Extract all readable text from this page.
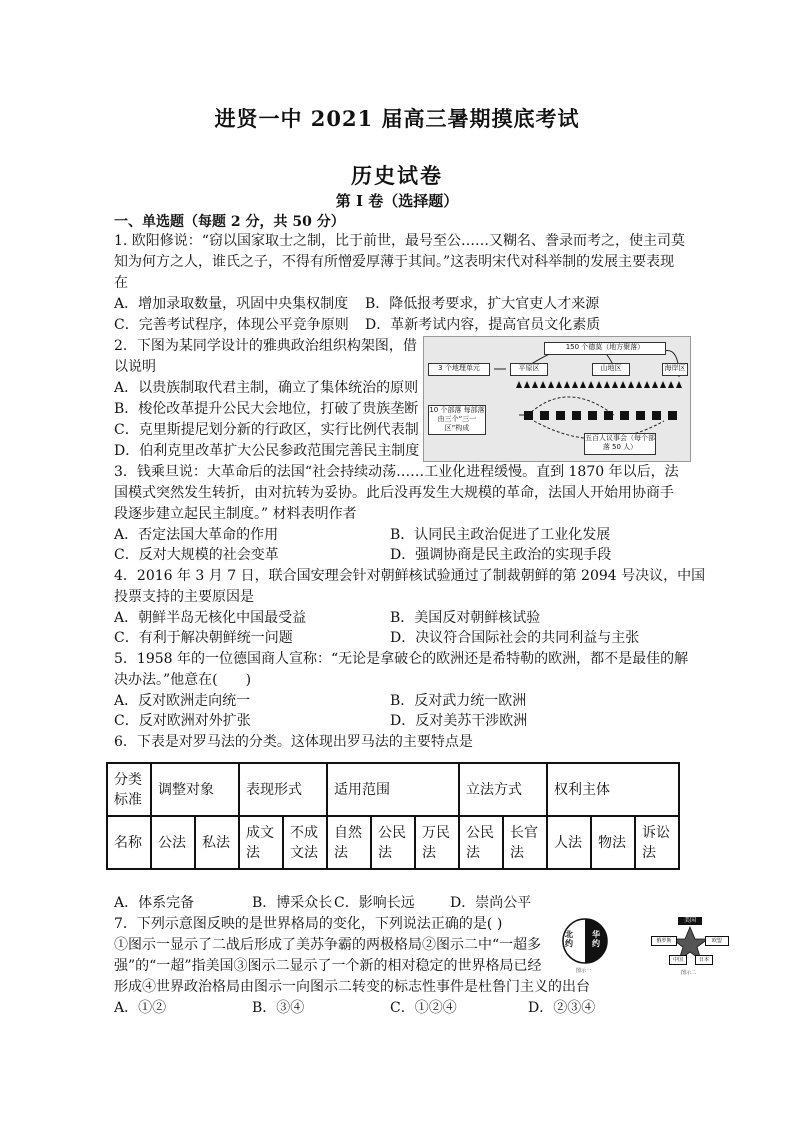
进贤一中 2021 届高三暑期摸底考试
历史试卷
第 I 卷（选择题）
一、单选题（每题 2 分，共 50 分）
1. 欧阳修说：“窃以国家取士之制，比于前世，最号至公……又糊名、誊录而考之，使主司莫
知为何方之人，谁氏之子，不得有所憎爱厚薄于其间。”这表明宋代对科举制的发展主要表现
在
A．增加录取数量，巩固中央集权制度 B．降低报考要求，扩大官吏人才来源
C．完善考试程序，体现公平竞争原则 D．革新考试内容，提高官员文化素质
2．下图为某同学设计的雅典政治组织构架图，借
以说明
A．以贵族制取代君主制，确立了集体统治的原则
B．梭伦改革提升公民大会地位，打破了贵族垄断
C．克里斯提尼划分新的行政区，实行比例代表制
D．伯利克里改革扩大公民参政范围完善民主制度
150 个德莫（地方聚落）
3 个地理单元	平原区	山地区	海岸区
10 个部落 每部落由三个“三一区”构成
五百人议事会（每个部落 50 人）
3．钱乘旦说：大革命后的法国“社会持续动荡……工业化进程缓慢。直到 1870 年以后，法
国模式突然发生转折，由对抗转为妥协。此后没再发生大规模的革命，法国人开始用协商手
段逐步建立起民主制度。” 材料表明作者
A．否定法国大革命的作用	B．认同民主政治促进了工业化发展
C．反对大规模的社会变革	D．强调协商是民主政治的实现手段
4．2016 年 3 月 7 日，联合国安理会针对朝鲜核试验通过了制裁朝鲜的第 2094 号决议，中国
投票支持的主要原因是
A．朝鲜半岛无核化中国最受益	B．美国反对朝鲜核试验
C．有利于解决朝鲜统一问题	D．决议符合国际社会的共同利益与主张
5．1958 年的一位德国商人宣称：“无论是拿破仑的欧洲还是希特勒的欧洲，都不是最佳的解
决办法。”他意在(　　)
A．反对欧洲走向统一	B．反对武力统一欧洲
C．反对欧洲对外扩张	D．反对美苏干涉欧洲
6．下表是对罗马法的分类。这体现出罗马法的主要特点是
分类标准	调整对象		表现形式		适用范围			立法方式		权利主体		
名称	公法	私法	成文法	不成文法	自然法	公民法	万民法	公民法	长官法	人法	物法	诉讼法
A．体系完备	B．博采众长 C．影响长远	D．崇尚公平
7．下列示意图反映的是世界格局的变化，下列说法正确的是( )
①图示一显示了二战后形成了美苏争霸的两极格局②图示二中“一超多
强”的“一超”指美国③图示二显示了一个新的相对稳定的世界格局已经
形成④世界政治格局由图示一向图示二转变的标志性事件是杜鲁门主义的出台
A．①②	B．③④	C．①②④	D．②③④
北约
华约
图示一
美国
俄罗斯	欧盟
中国	日本
图示二
